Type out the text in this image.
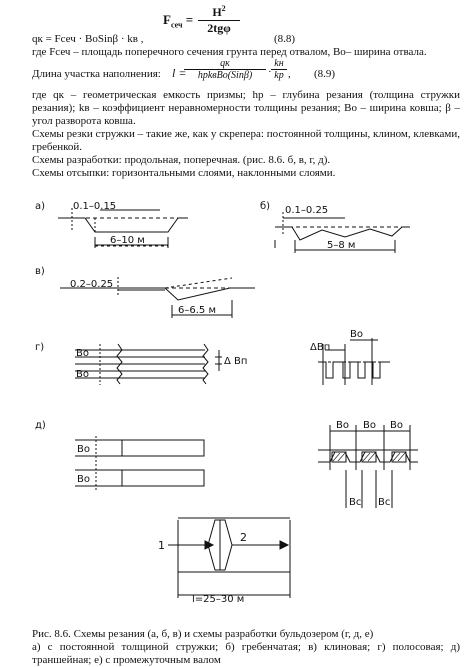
$F_{сеч}$ =	$H^2$
2tgφ
qк = Fсеч · BoSinβ · kв ,	(8.8)
где Fсеч – площадь поперечного сечения грунта перед отвалом, Bo– ширина отвала.
Длина участка наполнения: l =
qк
hрkвBo(Sinβ)	·
kн
kр , (8.9)
где qк – геометрическая емкость призмы; hр – глубина резания (толщина стружки резания); kв – коэффициент неравномерности толщины резания; Bo – ширина ковша; β – угол разворота ковша.
Схемы резки стружки – такие же, как у скрепера: постоянной толщины, клином, клевками, гребенкой.
Схемы разработки: продольная, поперечная. (рис. 8.6. б, в, г, д).
Схемы отсыпки: горизонтальными слоями, наклонными слоями.
а)	0.1–0.15
6–10 м
б) 0.1–0.25
5–8 м
в)
0.2–0.25
6–6.5 м
г)
Bo
Bo
Δ Bп
ΔBп
Bo
д)
Bo
Bo
Bo Bo Bo
Bc Bc
1
2
l=25–30 м
Рис. 8.6. Схемы резания (а, б, в) и схемы разработки бульдозером (г, д, е)
а) с постоянной толщиной стружки; б) гребенчатая; в) клиновая; г) полосовая; д) траншейная; е) с промежуточным валом
